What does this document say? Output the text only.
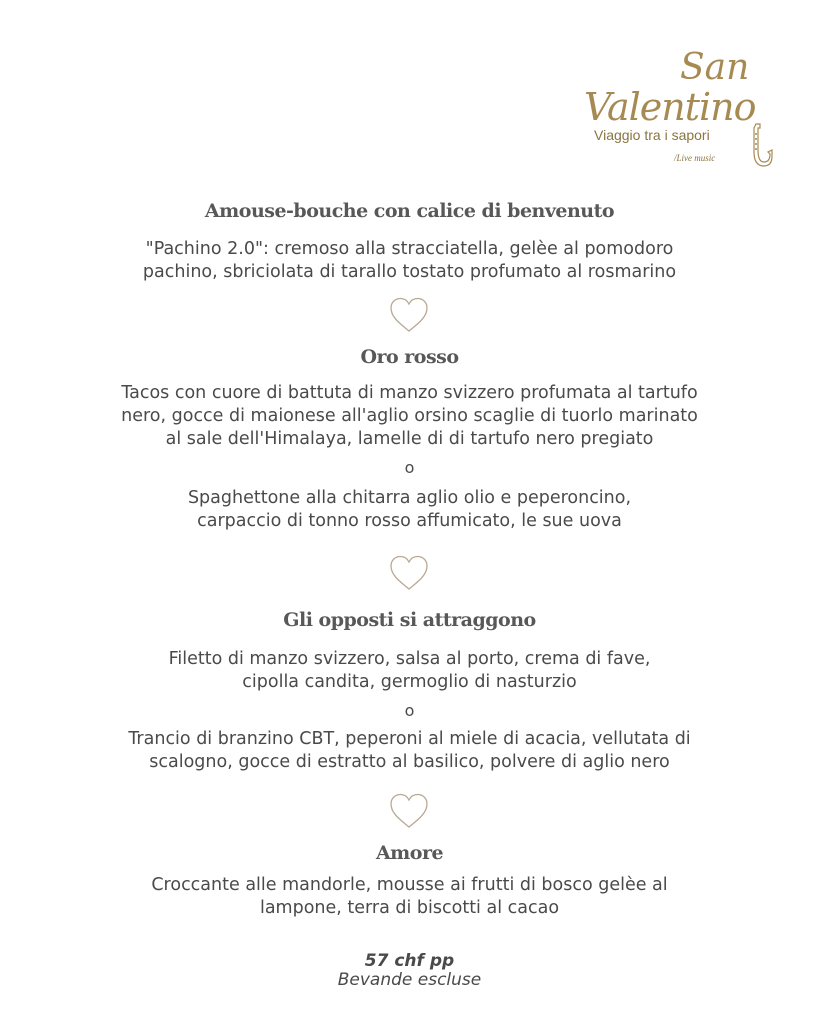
San
Valentino
Viaggio tra i sapori
/Live music
Amouse-bouche con calice di benvenuto
"Pachino 2.0": cremoso alla stracciatella, gelèe al pomodoro
pachino, sbriciolata di tarallo tostato profumato al rosmarino
Oro rosso
Tacos con cuore di battuta di manzo svizzero profumata al tartufo
nero, gocce di maionese all'aglio orsino scaglie di tuorlo marinato
al sale dell'Himalaya, lamelle di di tartufo nero pregiato
o
Spaghettone alla chitarra aglio olio e peperoncino,
carpaccio di tonno rosso affumicato, le sue uova
Gli opposti si attraggono
Filetto di manzo svizzero, salsa al porto, crema di fave,
cipolla candita, germoglio di nasturzio
o
Trancio di branzino CBT, peperoni al miele di acacia, vellutata di
scalogno, gocce di estratto al basilico, polvere di aglio nero
Amore
Croccante alle mandorle, mousse ai frutti di bosco gelèe al
lampone, terra di biscotti al cacao
57 chf pp
Bevande escluse
